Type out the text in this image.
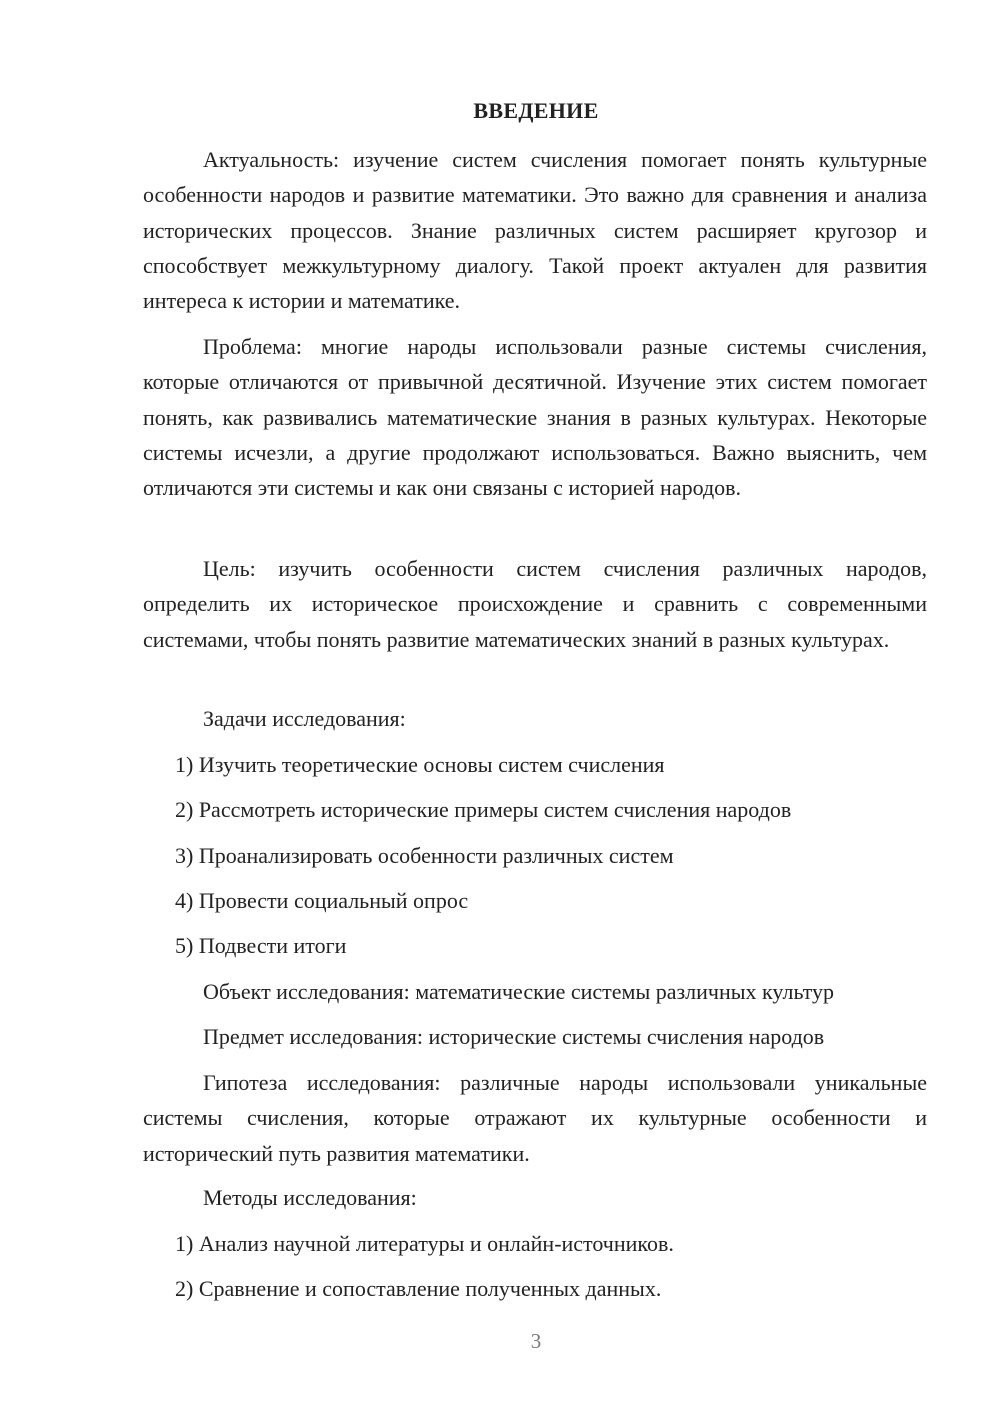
ВВЕДЕНИЕ

Актуальность: изучение систем счисления помогает понять культурные особенности народов и развитие математики. Это важно для сравнения и анализа исторических процессов. Знание различных систем расширяет кругозор и способствует межкультурному диалогу. Такой проект актуален для развития интереса к истории и математике.

Проблема: многие народы использовали разные системы счисления, которые отличаются от привычной десятичной. Изучение этих систем помогает понять, как развивались математические знания в разных культурах. Некоторые системы исчезли, а другие продолжают использоваться. Важно выяснить, чем отличаются эти системы и как они связаны с историей народов.

Цель: изучить особенности систем счисления различных народов, определить их историческое происхождение и сравнить с современными системами, чтобы понять развитие математических знаний в разных культурах.

Задачи исследования:
1) Изучить теоретические основы систем счисления
2) Рассмотреть исторические примеры систем счисления народов
3) Проанализировать особенности различных систем
4) Провести социальный опрос
5) Подвести итоги
Объект исследования: математические системы различных культур
Предмет исследования: исторические системы счисления народов

Гипотеза исследования: различные народы использовали уникальные системы счисления, которые отражают их культурные особенности и исторический путь развития математики.

Методы исследования:
1) Анализ научной литературы и онлайн-источников.
2) Сравнение и сопоставление полученных данных.
3
